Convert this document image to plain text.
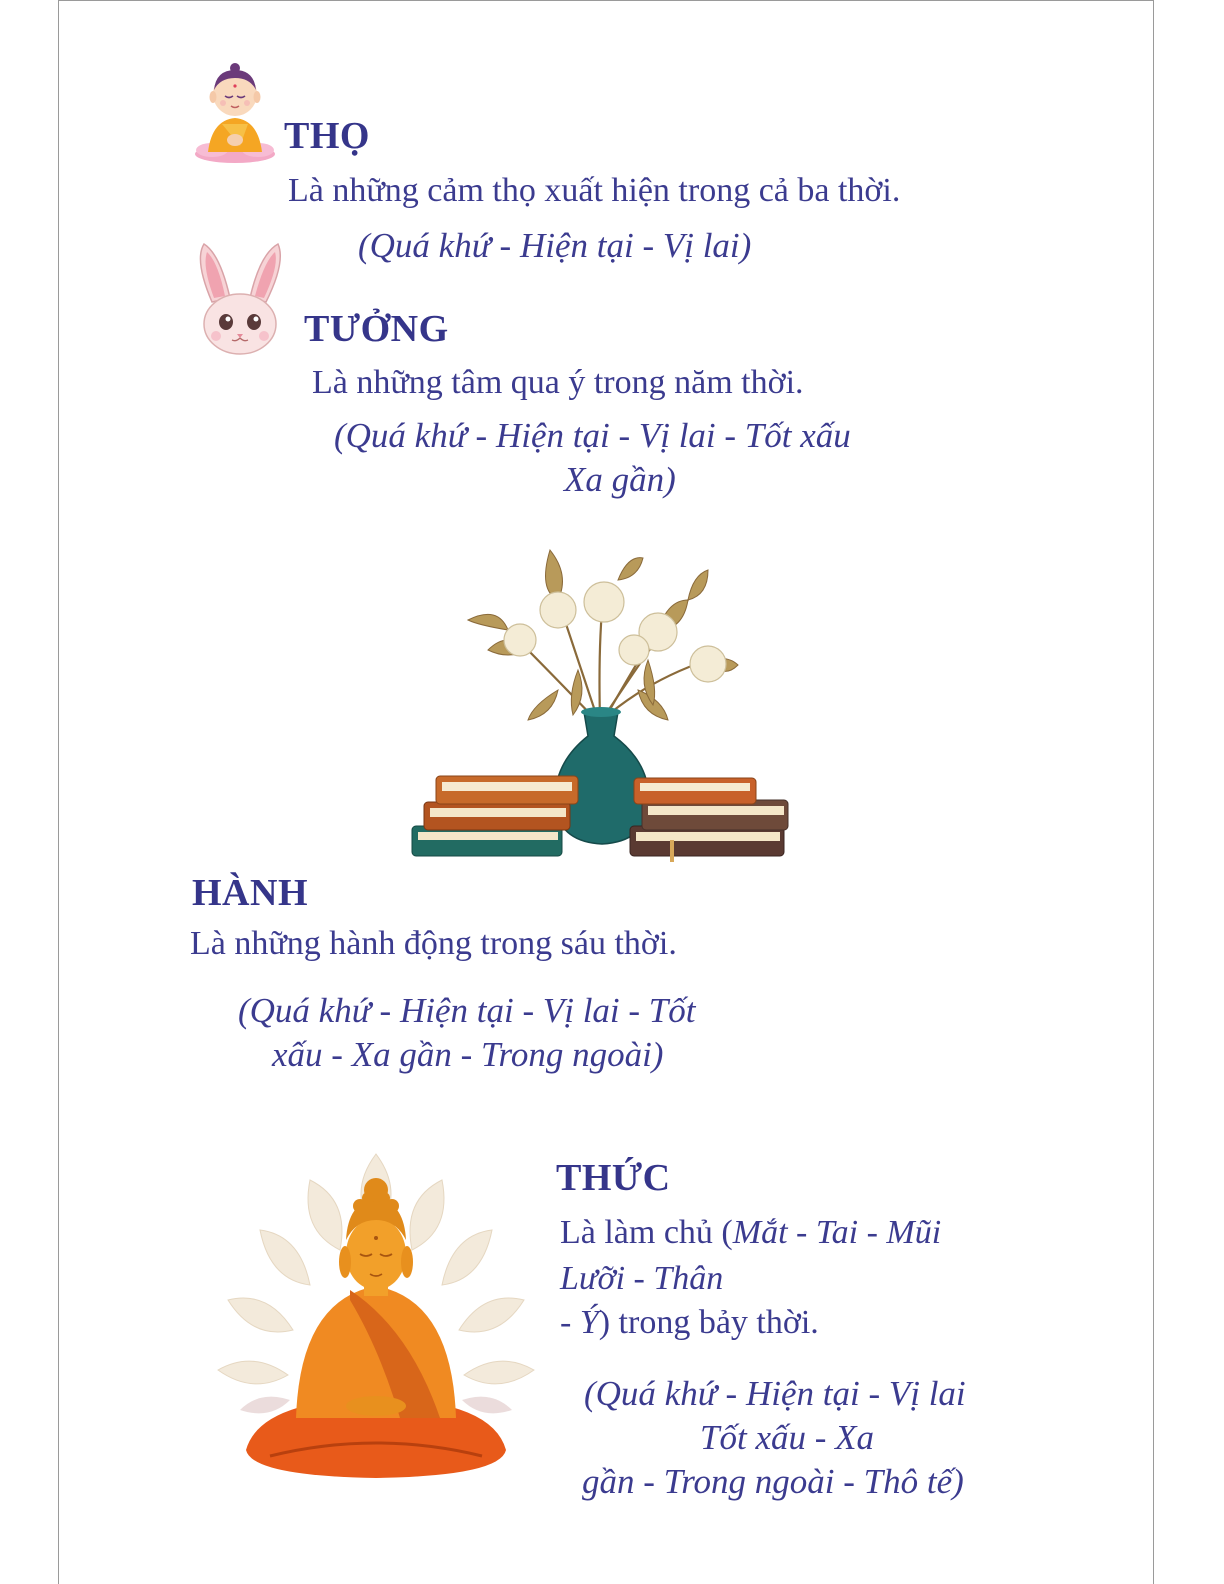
THỌ
Là những cảm thọ xuất hiện trong cả ba thời.
(Quá khứ - Hiện tại - Vị lai)
TƯỞNG
Là những tâm qua ý trong năm thời.
(Quá khứ - Hiện tại - Vị lai - Tốt xấu
Xa gần)
HÀNH
Là những hành động trong sáu thời.
(Quá khứ - Hiện tại - Vị lai - Tốt
xấu - Xa gần - Trong ngoài)
THỨC
Là làm chủ (Mắt - Tai - Mũi
Lưỡi - Thân
- Ý) trong bảy thời.
(Quá khứ - Hiện tại - Vị lai
Tốt xấu - Xa
gần - Trong ngoài - Thô tế)
